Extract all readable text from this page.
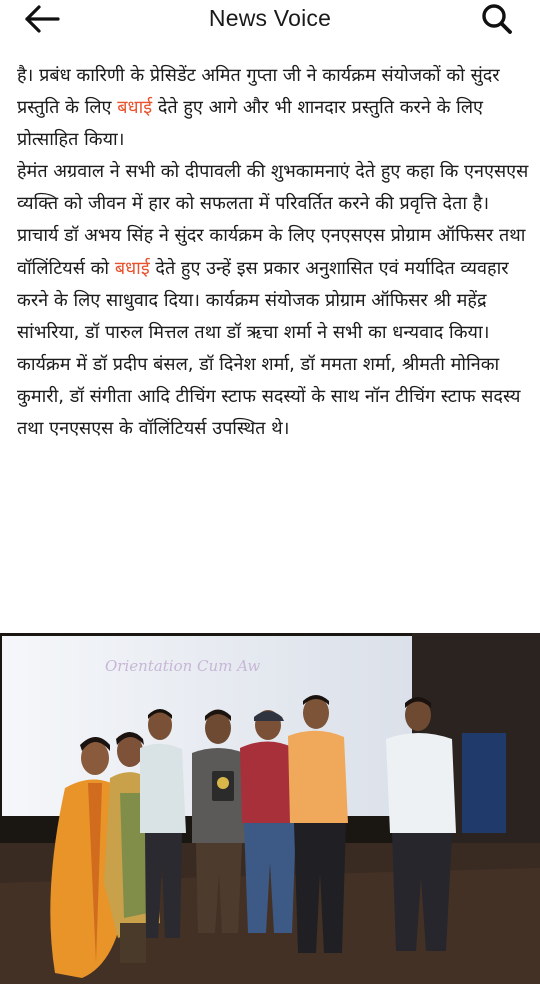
News Voice

है। प्रबंध कारिणी के प्रेसिडेंट अमित गुप्ता जी ने कार्यक्रम संयोजकों को सुंदर प्रस्तुति के लिए बधाई देते हुए आगे और भी शानदार प्रस्तुति करने के लिए प्रोत्साहित किया।

हेमंत अग्रवाल ने सभी को दीपावली की शुभकामनाएं देते हुए कहा कि एनएसएस व्यक्ति को जीवन में हार को सफलता में परिवर्तित करने की प्रवृत्ति देता है। प्राचार्य डॉ अभय सिंह ने सुंदर कार्यक्रम के लिए एनएसएस प्रोग्राम ऑफिसर तथा वॉलिंटियर्स को बधाई देते हुए उन्हें इस प्रकार अनुशासित एवं मर्यादित व्यवहार करने के लिए साधुवाद दिया। कार्यक्रम संयोजक प्रोग्राम ऑफिसर श्री महेंद्र सांभरिया, डॉ पारुल मित्तल तथा डॉ ऋचा शर्मा ने सभी का धन्यवाद किया।

कार्यक्रम में डॉ प्रदीप बंसल, डॉ दिनेश शर्मा, डॉ ममता शर्मा, श्रीमती मोनिका कुमारी, डॉ संगीता आदि टीचिंग स्टाफ सदस्यों के साथ नॉन टीचिंग स्टाफ सदस्य तथा एनएसएस के वॉलिंटियर्स उपस्थित थे।

Orientation Cum Aw
